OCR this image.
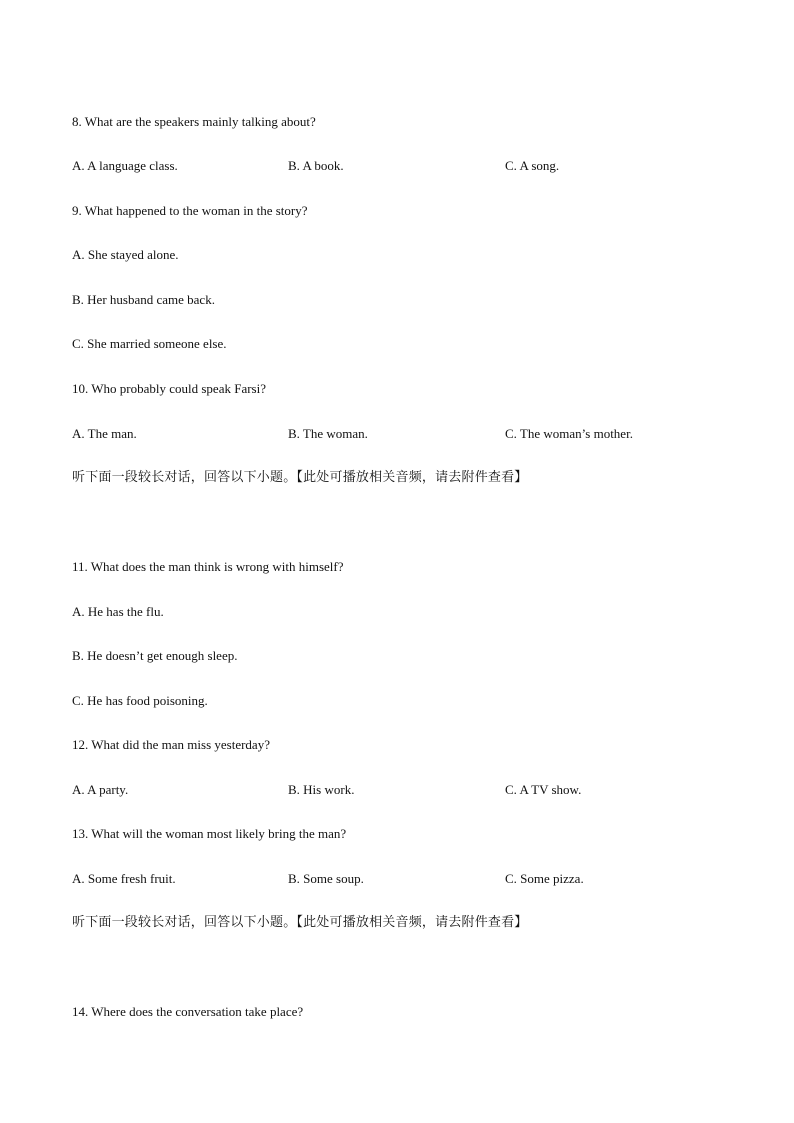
8. What are the speakers mainly talking about?
A. A language class.	B. A book.	C. A song.
9. What happened to the woman in the story?
A. She stayed alone.
B. Her husband came back.
C. She married someone else.
10. Who probably could speak Farsi?
A. The man.	B. The woman.	C. The woman’s mother.
听下面一段较长对话，回答以下小题。【此处可播放相关音频，请去附件查看】
11. What does the man think is wrong with himself?
A. He has the flu.
B. He doesn’t get enough sleep.
C. He has food poisoning.
12. What did the man miss yesterday?
A. A party.	B. His work.	C. A TV show.
13. What will the woman most likely bring the man?
A. Some fresh fruit.	B. Some soup.	C. Some pizza.
听下面一段较长对话，回答以下小题。【此处可播放相关音频，请去附件查看】
14. Where does the conversation take place?
